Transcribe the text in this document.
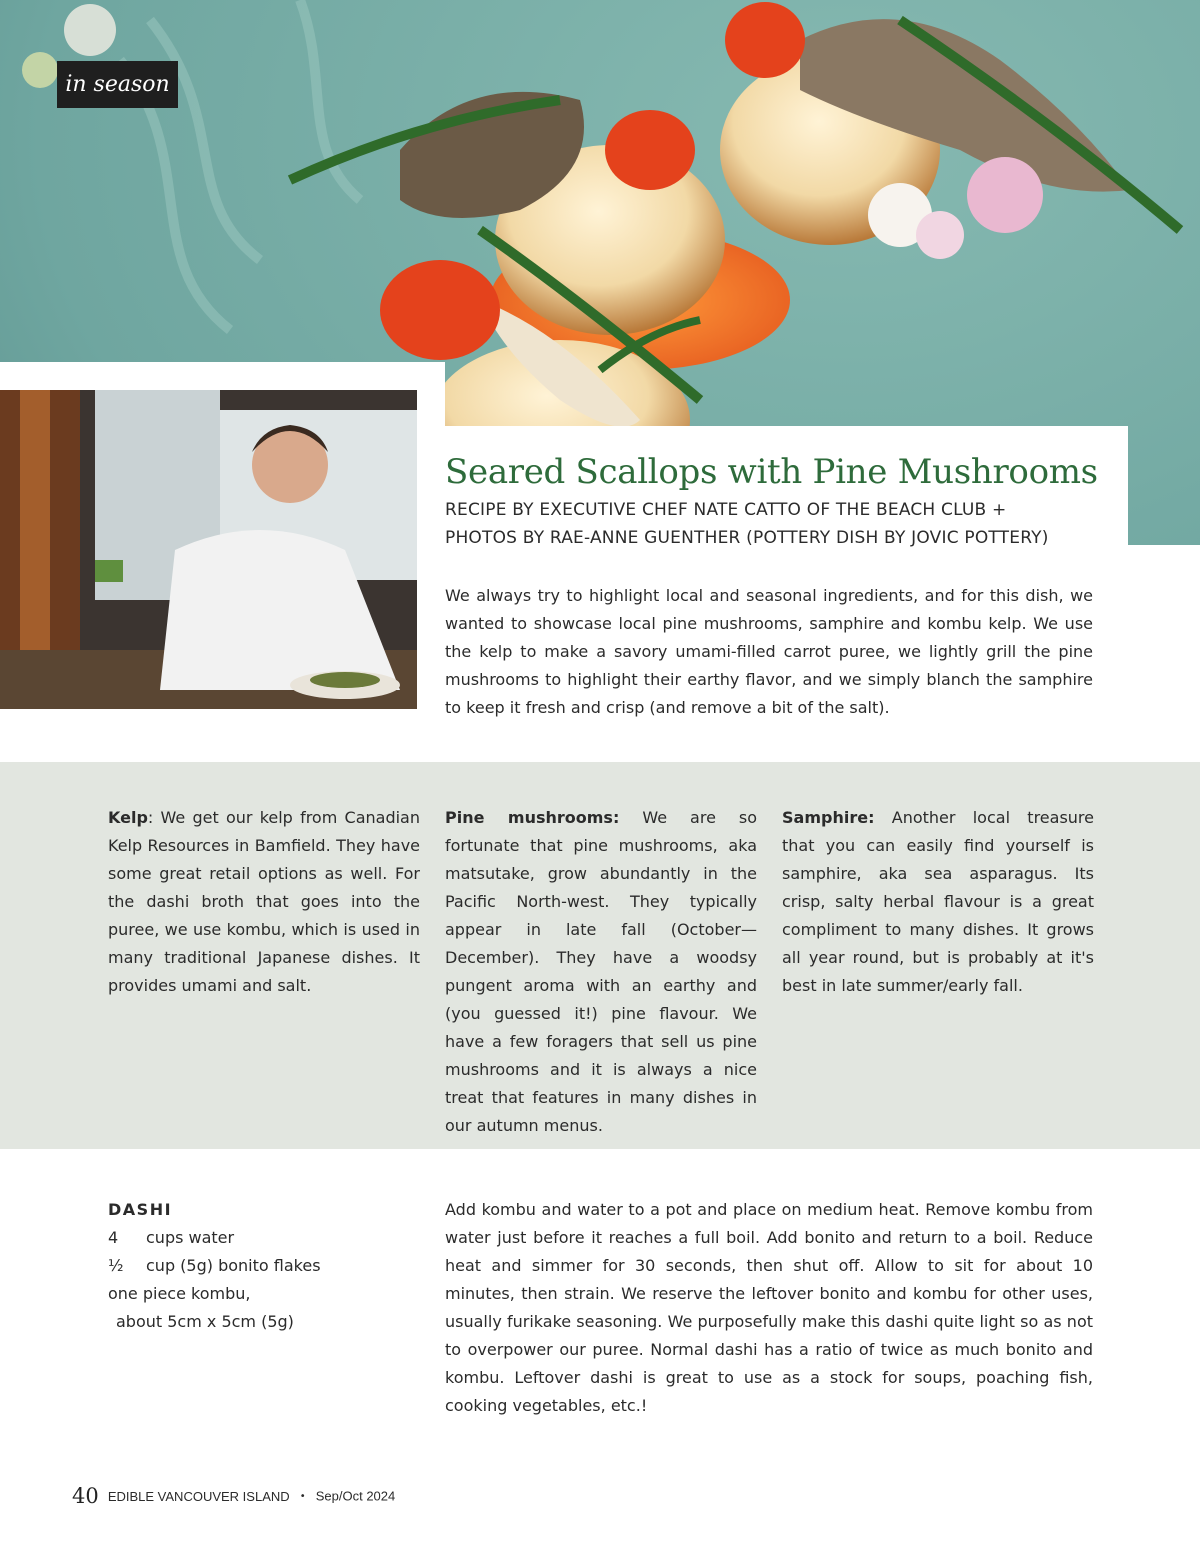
in season
Seared Scallops with Pine Mushrooms
RECIPE BY EXECUTIVE CHEF NATE CATTO OF THE BEACH CLUB +
PHOTOS BY RAE-ANNE GUENTHER (POTTERY DISH BY JOVIC POTTERY)

We always try to highlight local and seasonal ingredients, and for this dish, we wanted to showcase local pine mushrooms, samphire and kombu kelp. We use the kelp to make a savory umami-filled carrot puree, we lightly grill the pine mushrooms to highlight their earthy flavor, and we simply blanch the samphire to keep it fresh and crisp (and remove a bit of the salt).

Kelp: We get our kelp from Canadian Kelp Resources in Bamfield. They have some great retail options as well. For the dashi broth that goes into the puree, we use kombu, which is used in many traditional Japanese dishes. It provides umami and salt.

Pine mushrooms: We are so fortunate that pine mushrooms, aka matsutake, grow abundantly in the Pacific North-west. They typically appear in late fall (October—December). They have a woodsy pungent aroma with an earthy and (you guessed it!) pine flavour. We have a few foragers that sell us pine mushrooms and it is always a nice treat that features in many dishes in our autumn menus.

Samphire: Another local treasure that you can easily find yourself is samphire, aka sea asparagus. Its crisp, salty herbal flavour is a great compliment to many dishes. It grows all year round, but is probably at it's best in late summer/early fall.

DASHI
4 cups water
½ cup (5g) bonito flakes
one piece kombu,
about 5cm x 5cm (5g)

Add kombu and water to a pot and place on medium heat. Remove kombu from water just before it reaches a full boil. Add bonito and return to a boil. Reduce heat and simmer for 30 seconds, then shut off. Allow to sit for about 10 minutes, then strain. We reserve the leftover bonito and kombu for other uses, usually furikake seasoning. We purposefully make this dashi quite light so as not to overpower our puree. Normal dashi has a ratio of twice as much bonito and kombu. Leftover dashi is great to use as a stock for soups, poaching fish, cooking vegetables, etc.!

40 EDIBLE VANCOUVER ISLAND • Sep/Oct 2024
